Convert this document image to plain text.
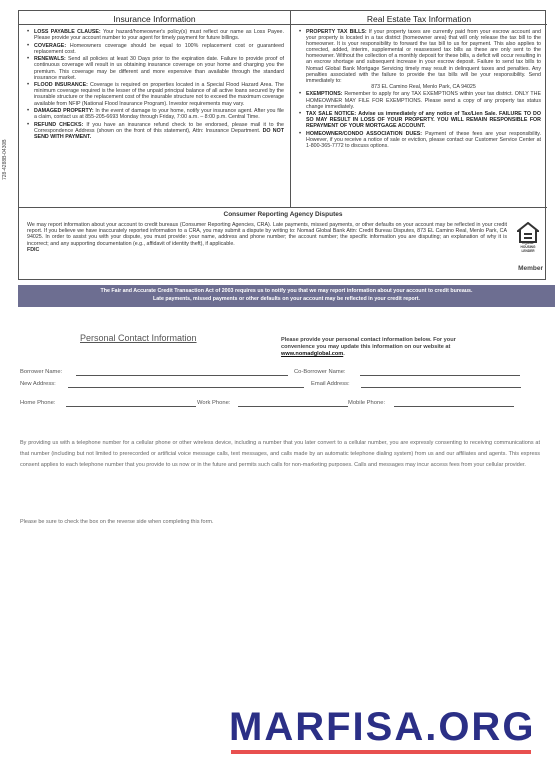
728-4288B-0430B
Insurance Information
• LOSS PAYABLE CLAUSE: Your hazard/homeowner's policy(s) must reflect our name as Loss Payee. Please provide your account number to your agent for timely payment for future billings.
• COVERAGE: Homeowners coverage should be equal to 100% replacement cost or guaranteed replacement cost.
• RENEWALS: Send all policies at least 30 Days prior to the expiration date. Failure to provide proof of continuous coverage will result in us obtaining insurance coverage on your home and charging you the premium. This coverage may be different and more expensive than available through the standard insurance market.
• FLOOD INSURANCE: Coverage is required on properties located in a Special Flood Hazard Area. The minimum coverage required is the lesser of the unpaid principal balance of all active loans secured by the insurable structure or the replacement cost of the insurable structure not to exceed the maximum coverage available from NFIP (National Flood Insurance Program). Investor requirements may vary.
• DAMAGED PROPERTY: In the event of damage to your home, notify your insurance agent. After you file a claim, contact us at 855-205-6693 Monday through Friday, 7:00 a.m. – 8:00 p.m. Central Time.
• REFUND CHECKS: If you have an insurance refund check to be endorsed, please mail it to the Correspondence Address (shown on the front of this statement), Attn: Insurance Department. DO NOT SEND WITH PAYMENT.
Real Estate Tax Information
• PROPERTY TAX BILLS: If your property taxes are currently paid from your escrow account and your property is located in a tax district (homeowner area) that will only release the tax bill to the homeowner. It is your responsibility to forward the tax bill to us for payment. This also applies to corrected, added, interim, supplemental or reassessed tax bills as these are only sent to the homeowner. Without the collection of a monthly deposit for these bills, a deficit will occur resulting in an escrow shortage and subsequent increase in your escrow deposit. Failure to send tax bills to Nomad Global Bank Mortgage Servicing timely may result in delinquent taxes and penalties. Any penalties associated with the failure to provide the tax bills will be your responsibility. Send immediately to:

873 EL Camino Real, Menlo Park, CA 94025
• EXEMPTIONS: Remember to apply for any TAX EXEMPTIONS within your tax district. ONLY THE HOMEOWNER MAY FILE FOR EXEMPTIONS. Please send a copy of any property tax status change immediately.
• TAX SALE NOTICE: Advise us immediately of any notice of Tax/Lien Sale. FAILURE TO DO SO MAY RESULT IN LOSS OF YOUR PROPERTY. YOU WILL REMAIN RESPONSIBLE FOR REPAYMENT OF YOUR MORTGAGE ACCOUNT.
• HOMEOWNER/CONDO ASSOCIATION DUES: Payment of these fees are your responsibility. However, if you receive a notice of sale or eviction, please contact our Customer Service Center at 1-800-365-7772 to discuss options.
Consumer Reporting Agency Disputes
We may report information about your account to credit bureaus (Consumer Reporting Agencies, CRA). Late payments, missed payments, or other defaults on your account may be reflected in your credit report. If you believe we have inaccurately reported information to a CRA, you may submit a dispute by writing to: Nomad Global Bank Attn: Credit Bureau Disputes, 873 EL Camino Real, Menlo Park, CA 94025. In order to assist you with your dispute, you must provide: your name, address and phone number; the account number; the specific information you are disputing; an explanation of why it is incorrect; and any supporting documentation (e.g., affidavit of identity theft), if applicable.
FDIC
EQUAL HOUSING LENDER
Member
The Fair and Accurate Credit Transaction Act of 2003 requires us to notify you that we may report information about your account to credit bureaus.
Late payments, missed payments or other defaults on your account may be reflected in your credit report.
Personal Contact Information	Please provide your personal contact information below. For your convenience you may update this information on our website at www.nomadglobal.com.
Borrower Name:	Co-Borrower Name:
New Address:	Email Address:
Home Phone:	Work Phone:	Mobile Phone:
By providing us with a telephone number for a cellular phone or other wireless device, including a number that you later convert to a cellular number, you are expressly consenting to receiving communications at that number (including but not limited to prerecorded or artificial voice message calls, text messages, and calls made by an automatic telephone dialing system) from us and our affiliates and agents. This express consent applies to each telephone number that you provide to us now or in the future and permits such calls for non-marketing purposes. Calls and messages may incur access fees from your cellular provider.
Please be sure to check the box on the reverse side when completing this form.
MARFISA.ORG
